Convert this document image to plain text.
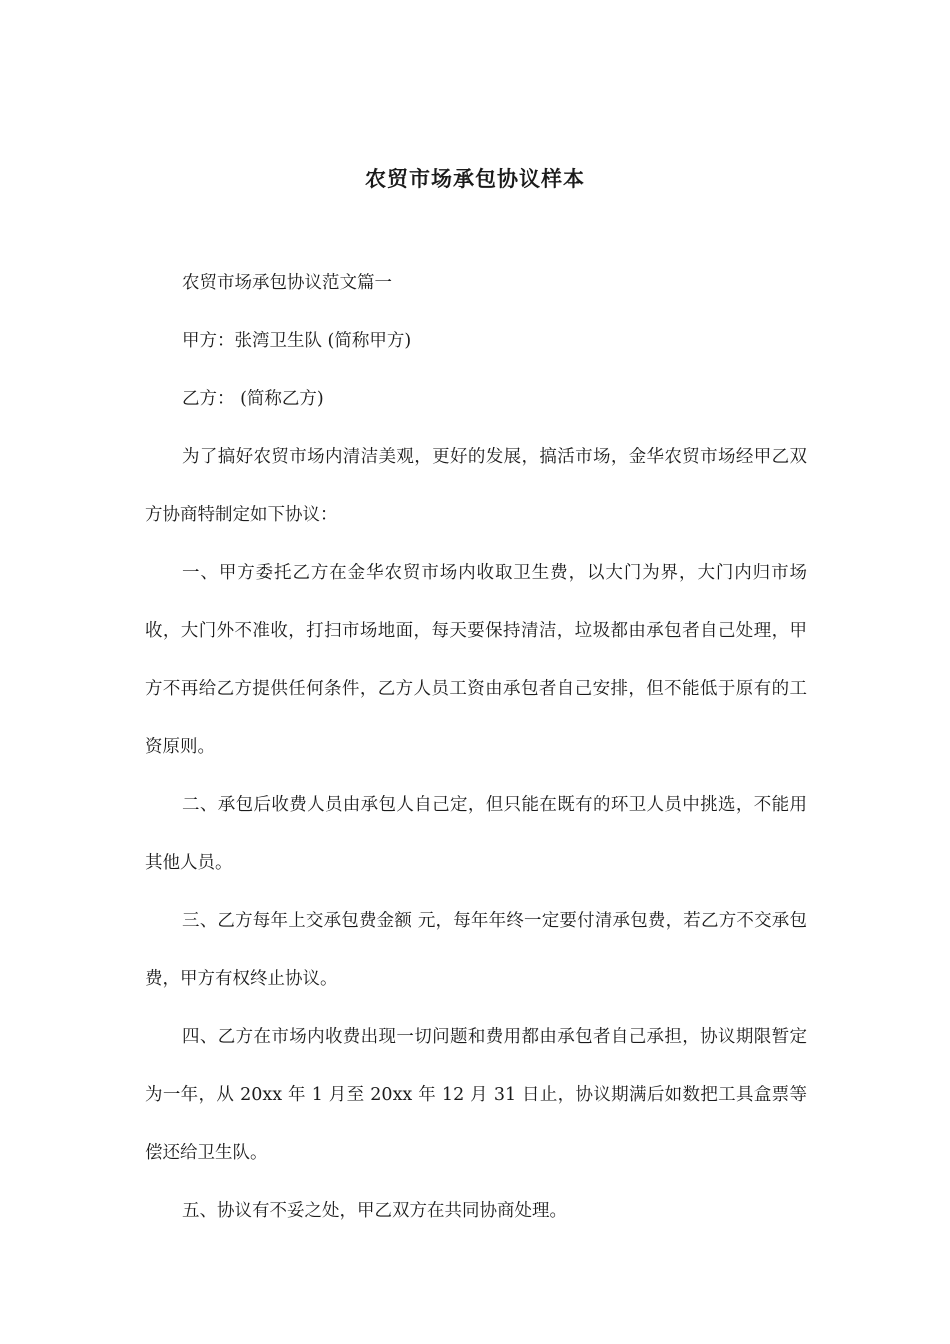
农贸市场承包协议样本

农贸市场承包协议范文篇一

甲方：张湾卫生队 (简称甲方)

乙方： (简称乙方)

为了搞好农贸市场内清洁美观，更好的发展，搞活市场，金华农贸市场经甲乙双方协商特制定如下协议：

一、甲方委托乙方在金华农贸市场内收取卫生费，以大门为界，大门内归市场收，大门外不准收，打扫市场地面，每天要保持清洁，垃圾都由承包者自己处理，甲方不再给乙方提供任何条件，乙方人员工资由承包者自己安排，但不能低于原有的工资原则。

二、承包后收费人员由承包人自己定，但只能在既有的环卫人员中挑选，不能用其他人员。

三、乙方每年上交承包费金额 元，每年年终一定要付清承包费，若乙方不交承包费，甲方有权终止协议。

四、乙方在市场内收费出现一切问题和费用都由承包者自己承担，协议期限暂定为一年，从 20xx 年 1 月至 20xx 年 12 月 31 日止，协议期满后如数把工具盒票等偿还给卫生队。

五、协议有不妥之处，甲乙双方在共同协商处理。
